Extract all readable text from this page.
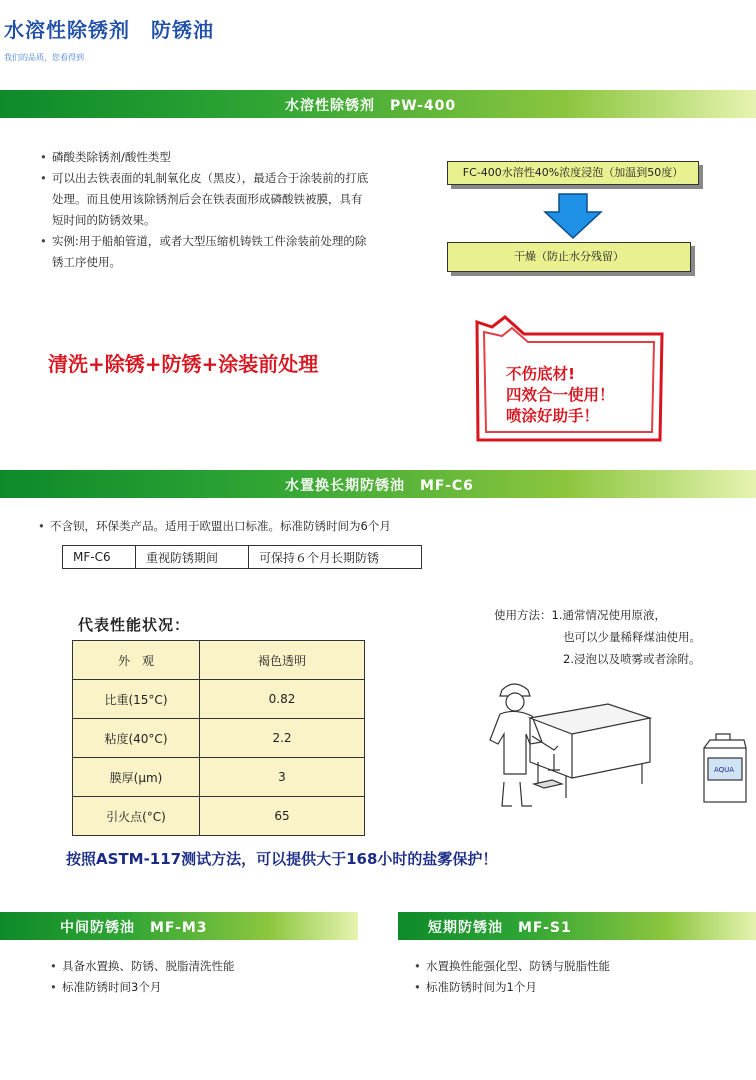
水溶性除锈剂　防锈油
我们的品质，您看得到
水溶性除锈剂　PW-400
• 磷酸类除锈剂/酸性类型
• 可以出去铁表面的轧制氧化皮（黑皮），最适合于涂装前的打底处理。而且使用该除锈剂后会在铁表面形成磷酸铁被膜，具有短时间的防锈效果。
• 实例:用于船舶管道，或者大型压缩机铸铁工件涂装前处理的除锈工序使用。
FC-400水溶性40%浓度浸泡（加温到50度）
干燥（防止水分残留）
清洗+除锈+防锈+涂装前处理	不伤底材!
四效合一使用！
喷涂好助手！
水置换长期防锈油　MF-C6
• 不含钡，环保类产品。适用于欧盟出口标准。标准防锈时间为6个月
MF-C6	重视防锈期间	可保持６个月长期防锈
代表性能状况：
外　观	褐色透明
比重(15°C)	0.82
粘度(40°C)	2.2
膜厚(μm)	3
引火点(°C)	65
使用方法：1.通常情况使用原液，
也可以少量稀释煤油使用。
2.浸泡以及喷雾或者涂附。
AQUA
按照ASTM-117测试方法，可以提供大于168小时的盐雾保护！
中间防锈油　MF-M3
• 具备水置换、防锈、脱脂清洗性能
• 标准防锈时间3个月
短期防锈油　MF-S1
• 水置换性能强化型、防锈与脱脂性能
• 标准防锈时间为1个月
